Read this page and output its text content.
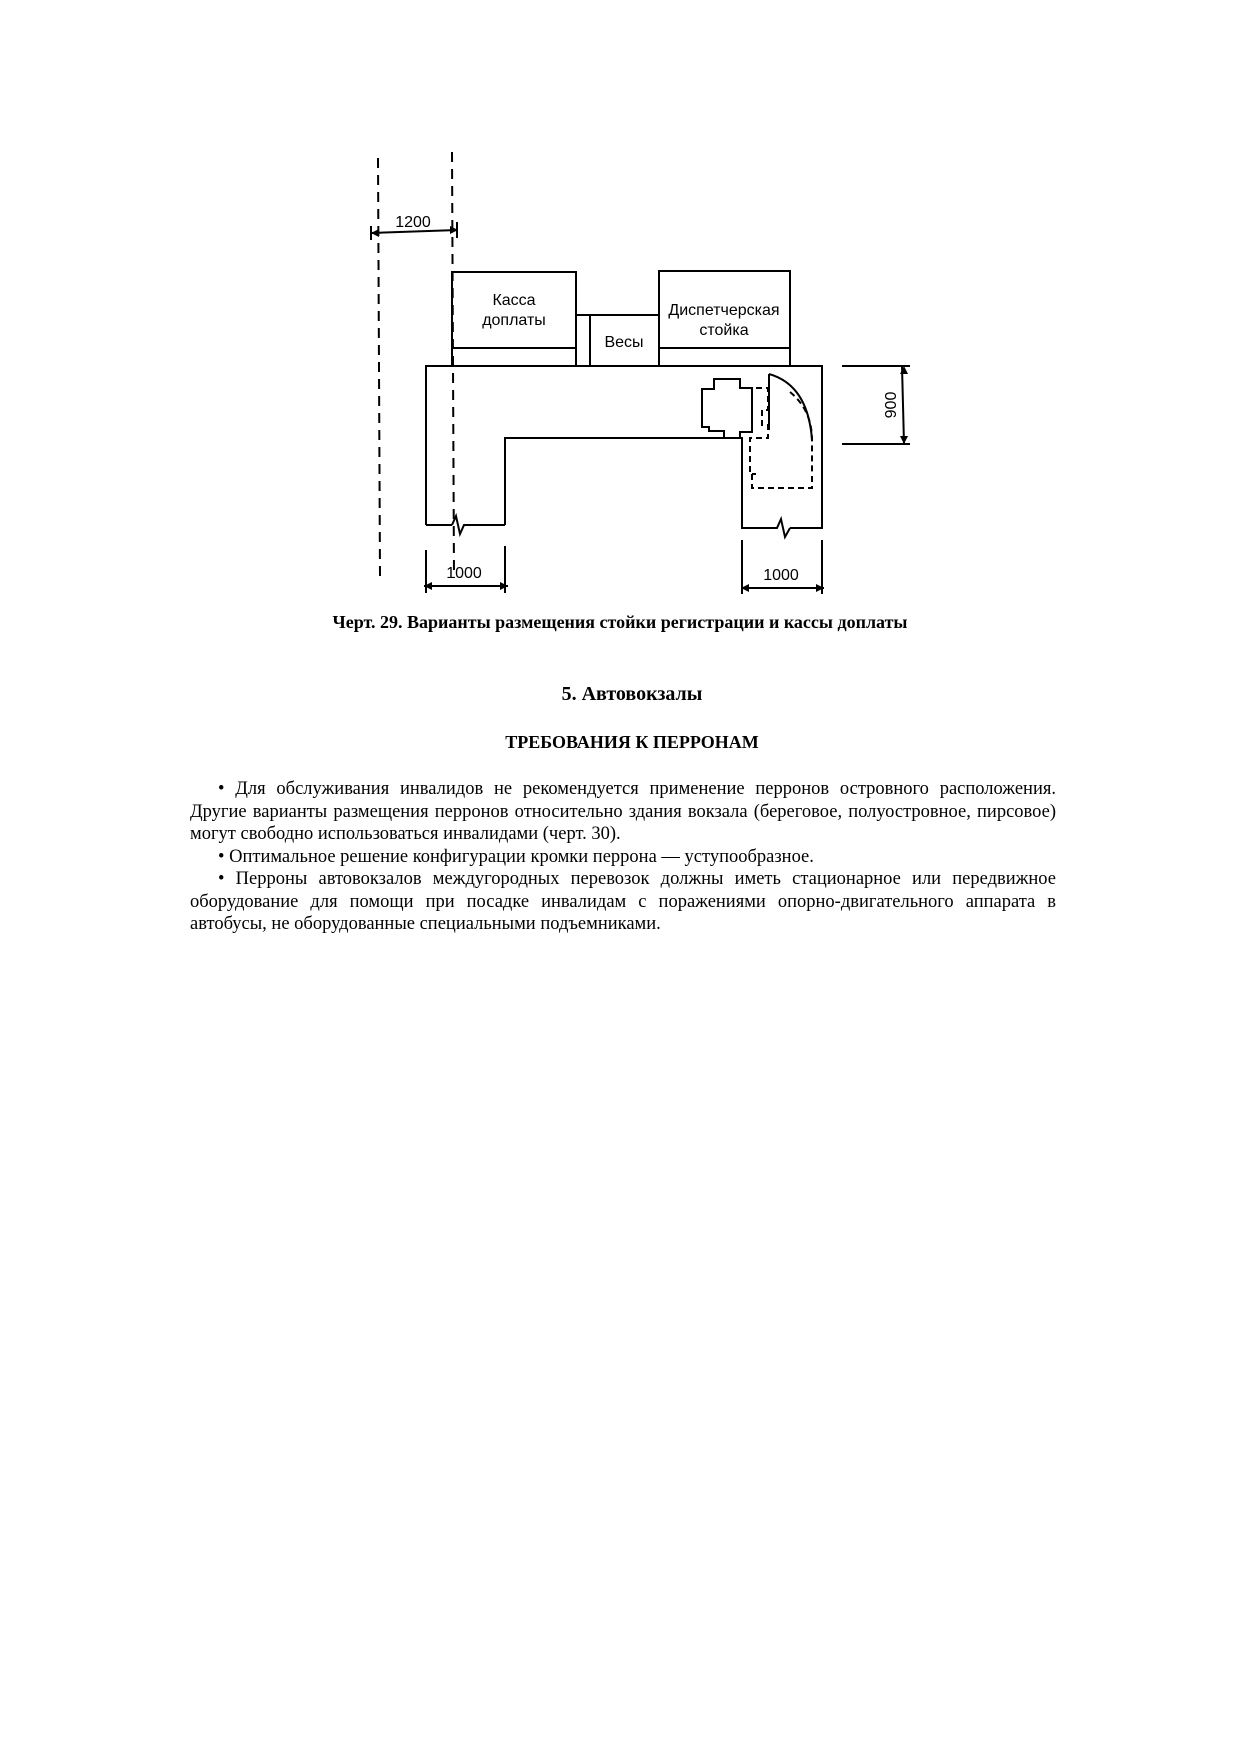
1200
Касса
доплаты
Весы
Диспетчерская
стойка
900
1000	1000
Черт. 29. Варианты размещения стойки регистрации и кассы доплаты
5. Автовокзалы
ТРЕБОВАНИЯ К ПЕРРОНАМ

• Для обслуживания инвалидов не рекомендуется применение перронов островного расположения. Другие варианты размещения перронов относительно здания вокзала (береговое, полуостровное, пирсовое) могут свободно использоваться инвалидами (черт. 30).

• Оптимальное решение конфигурации кромки перрона — уступообразное.

• Перроны автовокзалов междугородных перевозок должны иметь стационарное или передвижное оборудование для помощи при посадке инвалидам с поражениями опорно-двигательного аппарата в автобусы, не оборудованные специальными подъемниками.
